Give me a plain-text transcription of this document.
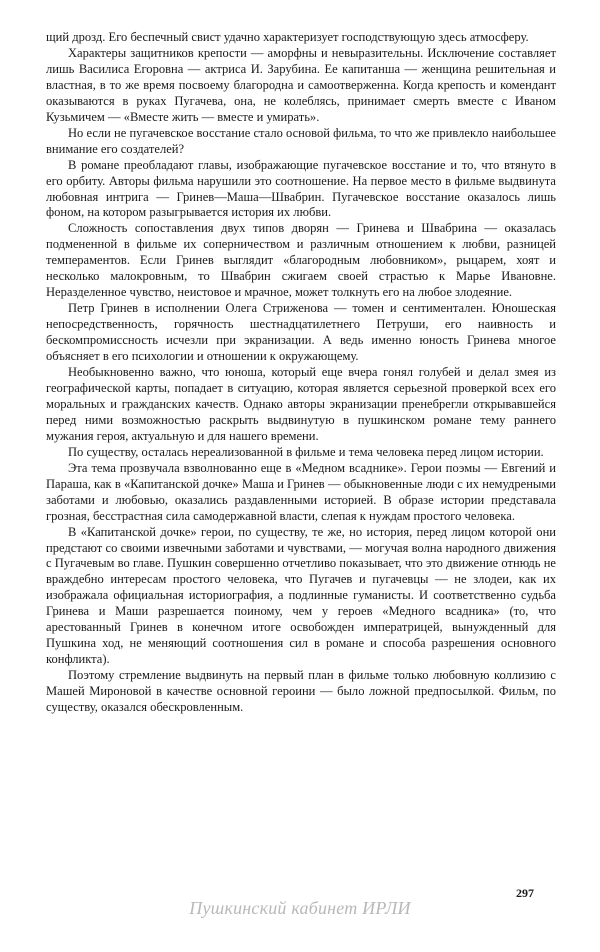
щий дрозд. Его беспечный свист удачно характеризует господствующую здесь атмосферу.

Характеры защитников крепости — аморфны и невыразительны. Исключение составляет лишь Василиса Егоровна — актриса И. Зарубина. Ее капитанша — женщина решительная и властная, в то же время посвоему благородна и самоотверженна. Когда крепость и комендант оказываются в руках Пугачева, она, не колеблясь, принимает смерть вместе с Иваном Кузьмичем — «Вместе жить — вместе и умирать».

Но если не пугачевское восстание стало основой фильма, то что же привлекло наибольшее внимание его создателей?

В романе преобладают главы, изображающие пугачевское восстание и то, что втянуто в его орбиту. Авторы фильма нарушили это соотношение. На первое место в фильме выдвинута любовная интрига — Гринев—Маша—Швабрин. Пугачевское восстание оказалось лишь фоном, на котором разыгрывается история их любви.

Сложность сопоставления двух типов дворян — Гринева и Швабрина — оказалась подмененной в фильме их соперничеством и различным отношением к любви, разницей темпераментов. Если Гринев выглядит «благородным любовником», рыцарем, хоят и несколько малокровным, то Швабрин сжигаем своей страстью к Марье Ивановне. Неразделенное чувство, неистовое и мрачное, может толкнуть его на любое злодеяние.

Петр Гринев в исполнении Олега Стриженова — томен и сентиментален. Юношеская непосредственность, горячность шестнадцатилетнего Петруши, его наивность и бескомпромиссность исчезли при экранизации. А ведь именно юность Гринева многое объясняет в его психологии и отношении к окружающему.

Необыкновенно важно, что юноша, который еще вчера гонял голубей и делал змея из географической карты, попадает в ситуацию, которая является серьезной проверкой всех его моральных и гражданских качеств. Однако авторы экранизации пренебрегли открывавшейся перед ними возможностью раскрыть выдвинутую в пушкинском романе тему раннего мужания героя, актуальную и для нашего времени.

По существу, осталась нереализованной в фильме и тема человека перед лицом истории.

Эта тема прозвучала взволнованно еще в «Медном всаднике». Герои поэмы — Евгений и Параша, как в «Капитанской дочке» Маша и Гринев — обыкновенные люди с их немудреными заботами и любовью, оказались раздавленными историей. В образе истории представала грозная, бесстрастная сила самодержавной власти, слепая к нуждам простого человека.

В «Капитанской дочке» герои, по существу, те же, но история, перед лицом которой они предстают со своими извечными заботами и чувствами, — могучая волна народного движения с Пугачевым во главе. Пушкин совершенно отчетливо показывает, что это движение отнюдь не враждебно интересам простого человека, что Пугачев и пугачевцы — не злодеи, как их изображала официальная историография, а подлинные гуманисты. И соответственно судьба Гринева и Маши разрешается поиному, чем у героев «Медного всадника» (то, что арестованный Гринев в конечном итоге освобожден императрицей, вынужденный для Пушкина ход, не меняющий соотношения сил в романе и способа разрешения основного конфликта).

Поэтому стремление выдвинуть на первый план в фильме только любовную коллизию с Машей Мироновой в качестве основной героини — было ложной предпосылкой. Фильм, по существу, оказался обескровленным.

297
Пушкинский кабинет ИРЛИ
